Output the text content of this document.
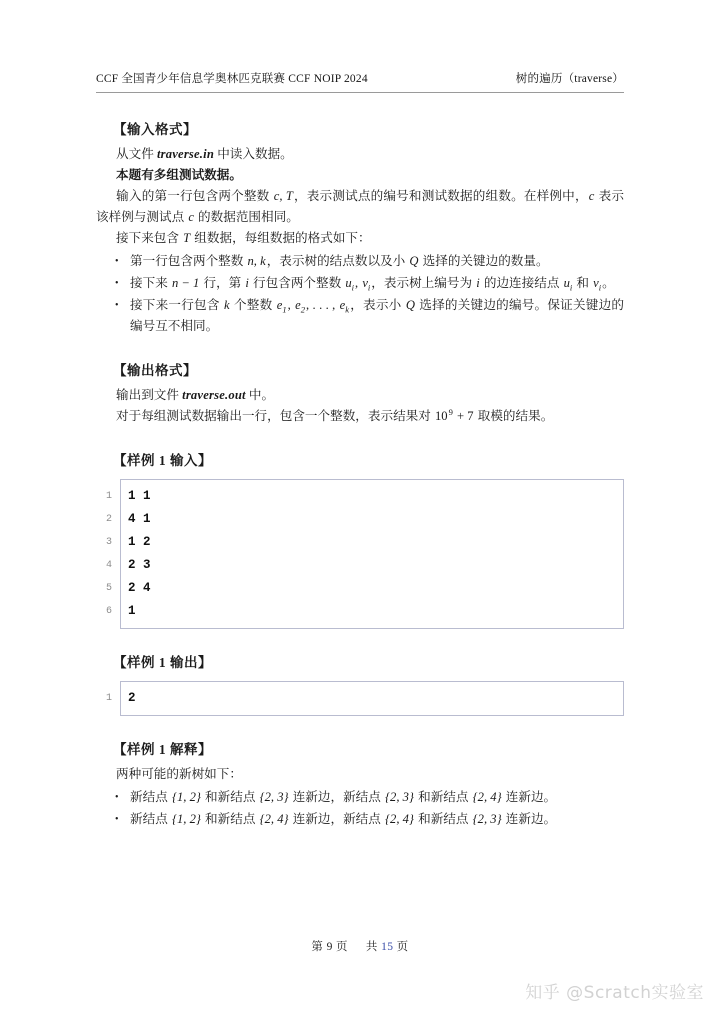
CCF 全国青少年信息学奥林匹克联赛 CCF NOIP 2024	树的遍历（traverse）
【输入格式】

从文件 traverse.in 中读入数据。

本题有多组测试数据。

输入的第一行包含两个整数 c, T，表示测试点的编号和测试数据的组数。在样例中，c 表示该样例与测试点 c 的数据范围相同。

接下来包含 T 组数据，每组数据的格式如下：

• 第一行包含两个整数 n, k，表示树的结点数以及小 Q 选择的关键边的数量。
• 接下来 n − 1 行，第 i 行包含两个整数 $u_i$, $v_i$，表示树上编号为 i 的边连接结点 $u_i$ 和 $v_i$。
• 接下来一行包含 k 个整数 $e_1$, $e_2$, . . . , $e_k$，表示小 Q 选择的关键边的编号。保证关键边的编号互不相同。
【输出格式】

输出到文件 traverse.out 中。

对于每组测试数据输出一行，包含一个整数，表示结果对 $10^9 + 7$ 取模的结果。

【样例 1 输入】
1	1 1
2	4 1
3	1 2
4	2 3
5	2 4
6	1
【样例 1 输出】
1	2
【样例 1 解释】

两种可能的新树如下：

• 新结点 {1, 2} 和新结点 {2, 3} 连新边，新结点 {2, 3} 和新结点 {2, 4} 连新边。
• 新结点 {1, 2} 和新结点 {2, 4} 连新边，新结点 {2, 4} 和新结点 {2, 3} 连新边。
第 9 页 共 15 页
知乎 @Scratch实验室
